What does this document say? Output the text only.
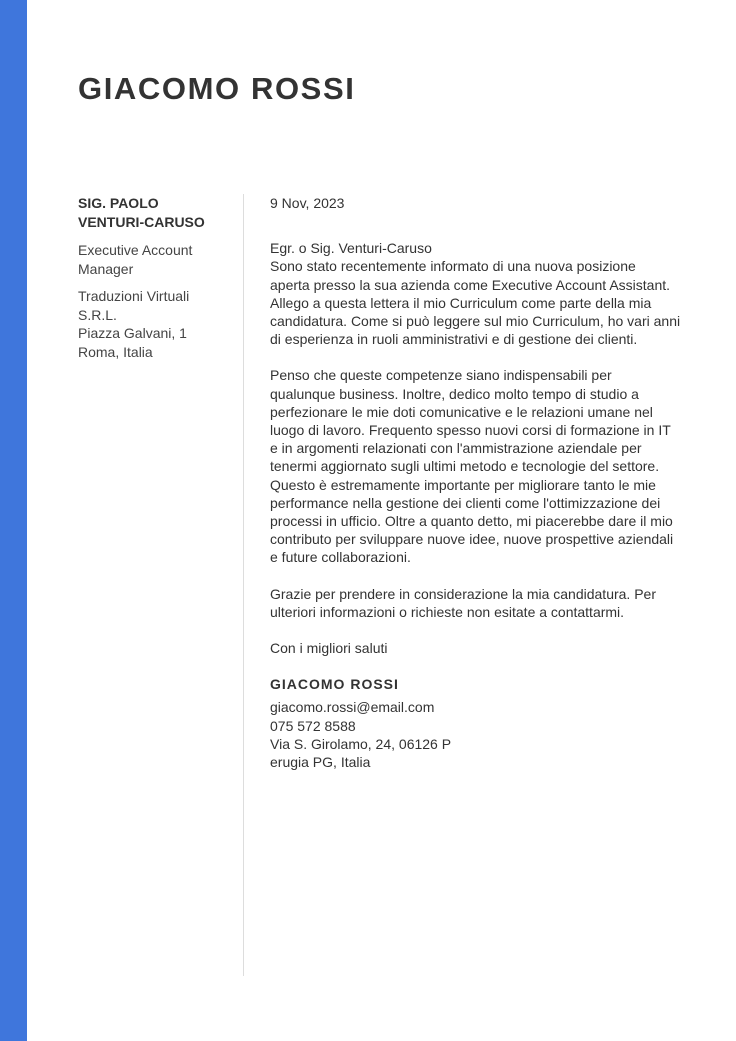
GIACOMO ROSSI

SIG. PAOLO
VENTURI-CARUSO

Executive Account
Manager

Traduzioni Virtuali
S.R.L.
Piazza Galvani, 1
Roma, Italia

9 Nov, 2023
Egr. o Sig. Venturi-Caruso
Sono stato recentemente informato di una nuova posizione
aperta presso la sua azienda come Executive Account Assistant.
Allego a questa lettera il mio Curriculum come parte della mia
candidatura. Come si può leggere sul mio Curriculum, ho vari anni
di esperienza in ruoli amministrativi e di gestione dei clienti.
Penso che queste competenze siano indispensabili per
qualunque business. Inoltre, dedico molto tempo di studio a
perfezionare le mie doti comunicative e le relazioni umane nel
luogo di lavoro. Frequento spesso nuovi corsi di formazione in IT
e in argomenti relazionati con l'ammistrazione aziendale per
tenermi aggiornato sugli ultimi metodo e tecnologie del settore.
Questo è estremamente importante per migliorare tanto le mie
performance nella gestione dei clienti come l'ottimizzazione dei
processi in ufficio. Oltre a quanto detto, mi piacerebbe dare il mio
contributo per sviluppare nuove idee, nuove prospettive aziendali
e future collaborazioni.
Grazie per prendere in considerazione la mia candidatura. Per
ulteriori informazioni o richieste non esitate a contattarmi.
Con i migliori saluti
GIACOMO ROSSI
giacomo.rossi@email.com
075 572 8588
Via S. Girolamo, 24, 06126 P
erugia PG, Italia
